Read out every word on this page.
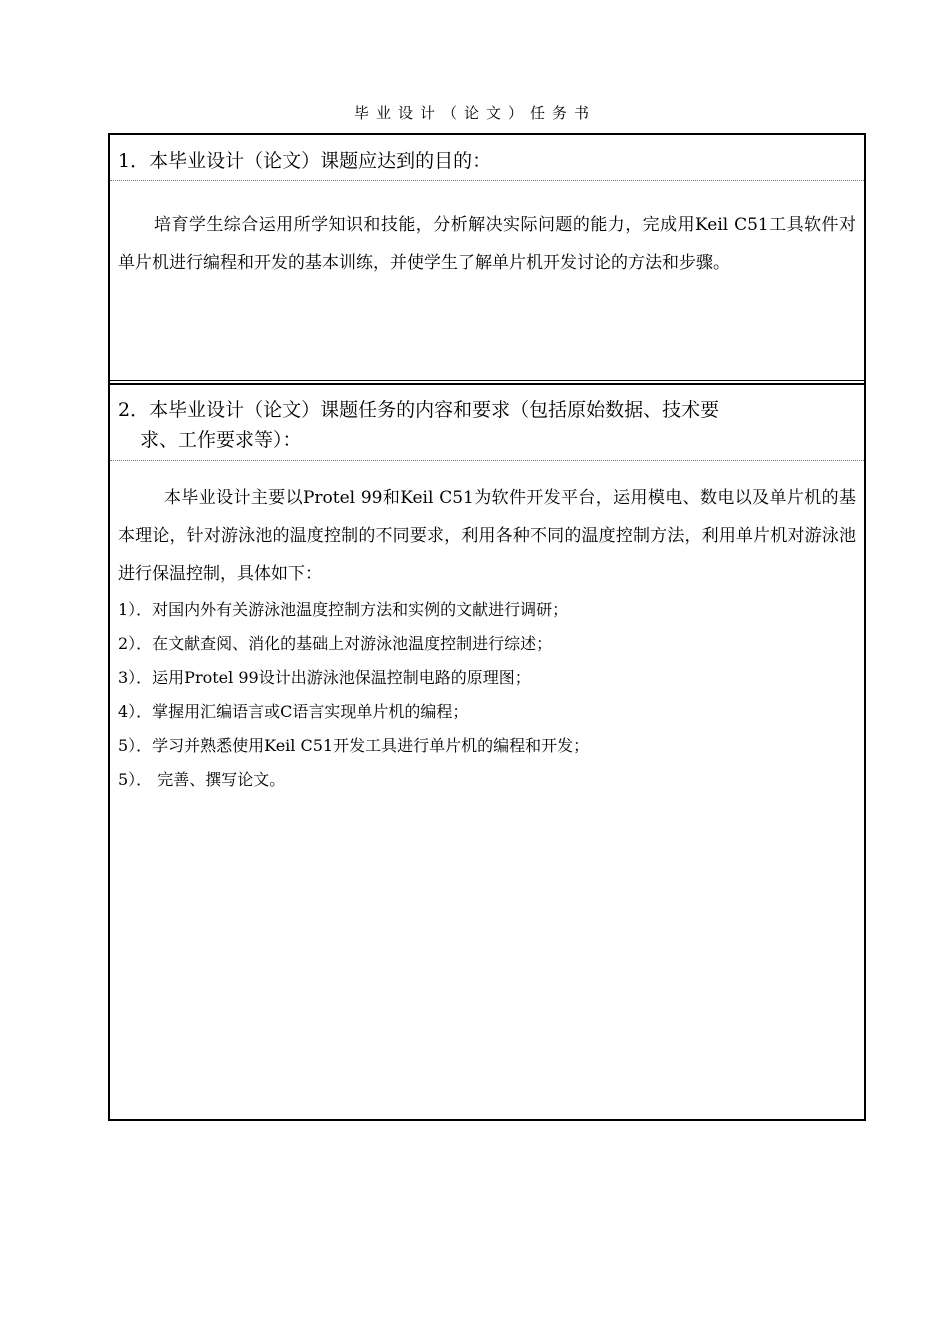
毕业设计（论文）任务书
1．本毕业设计（论文）课题应达到的目的：

培育学生综合运用所学知识和技能，分析解决实际问题的能力，完成用Keil C51工具软件对单片机进行编程和开发的基本训练，并使学生了解单片机开发讨论的方法和步骤。

2．本毕业设计（论文）课题任务的内容和要求（包括原始数据、技术要
求、工作要求等）：

本毕业设计主要以Protel 99和Keil C51为软件开发平台，运用模电、数电以及单片机的基本理论，针对游泳池的温度控制的不同要求，利用各种不同的温度控制方法，利用单片机对游泳池进行保温控制，具体如下：

1）．对国内外有关游泳池温度控制方法和实例的文献进行调研；
2）．在文献查阅、消化的基础上对游泳池温度控制进行综述；
3）．运用Protel 99设计出游泳池保温控制电路的原理图；
4）．掌握用汇编语言或C语言实现单片机的编程；
5）．学习并熟悉使用Keil C51开发工具进行单片机的编程和开发；
5）． 完善、撰写论文。
